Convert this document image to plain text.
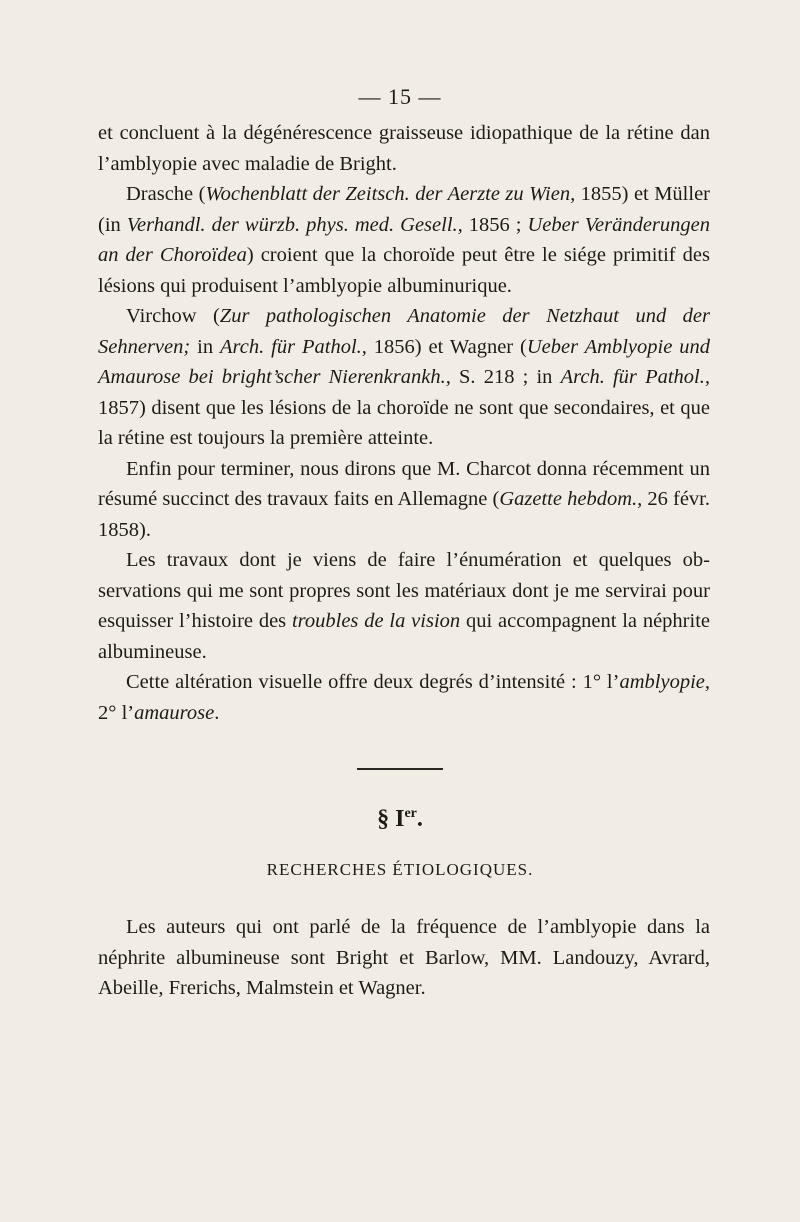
— 15 —

et concluent à la dégénérescence graisseuse idiopathique de la rétine dan l’amblyopie avec maladie de Bright.

Drasche (Wochenblatt der Zeitsch. der Aerzte zu Wien, 1855) et Müller (in Verhandl. der würzb. phys. med. Gesell., 1856 ; Ueber Veränderungen an der Choroïdea) croient que la choroïde peut être le siége primitif des lésions qui produisent l’amblyopie albuminurique.

Virchow (Zur pathologischen Anatomie der Netzhaut und der Sehnerven; in Arch. für Pathol., 1856) et Wagner (Ueber Amblyopie und Amaurose bei bright’scher Nierenkrankh., S. 218 ; in Arch. für Pathol., 1857) disent que les lésions de la choroïde ne sont que secondaires, et que la rétine est toujours la première atteinte.

Enfin pour terminer, nous dirons que M. Charcot donna récemment un résumé succinct des travaux faits en Allemagne (Gazette hebdom., 26 févr. 1858).

Les travaux dont je viens de faire l’énumération et quelques observations qui me sont propres sont les matériaux dont je me servirai pour esquisser l’histoire des troubles de la vision qui accompagnent la néphrite albumineuse.

Cette altération visuelle offre deux degrés d’intensité : 1° l’amblyopie, 2° l’amaurose.

§ Ier.
RECHERCHES ÉTIOLOGIQUES.

Les auteurs qui ont parlé de la fréquence de l’amblyopie dans la néphrite albumineuse sont Bright et Barlow, MM. Landouzy, Avrard, Abeille, Frerichs, Malmstein et Wagner.
